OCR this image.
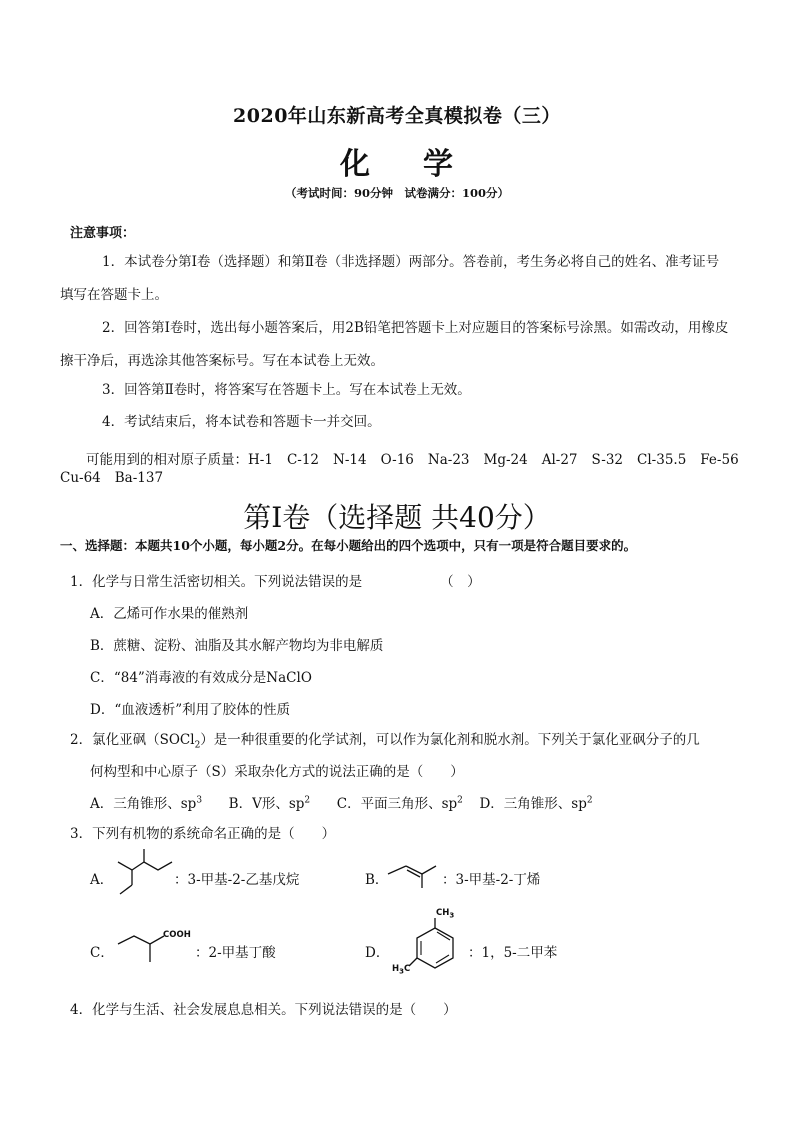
2020年山东新高考全真模拟卷（三）
化 学
（考试时间：90分钟　试卷满分：100分）
注意事项：
1．本试卷分第Ⅰ卷（选择题）和第Ⅱ卷（非选择题）两部分。答卷前，考生务必将自己的姓名、准考证号填写在答题卡上。
2．回答第Ⅰ卷时，选出每小题答案后，用2B铅笔把答题卡上对应题目的答案标号涂黑。如需改动，用橡皮擦干净后，再选涂其他答案标号。写在本试卷上无效。
3．回答第Ⅱ卷时，将答案写在答题卡上。写在本试卷上无效。
4．考试结束后，将本试卷和答题卡一并交回。
可能用到的相对原子质量：H-1 C-12 N-14 O-16 Na-23 Mg-24 Al-27 S-32 Cl-35.5 Fe-56
Cu-64 Ba-137
第Ⅰ卷（选择题 共40分）
一、选择题：本题共10个小题，每小题2分。在每小题给出的四个选项中，只有一项是符合题目要求的。
1．化学与日常生活密切相关。下列说法错误的是	（　）
A．乙烯可作水果的催熟剂
B．蔗糖、淀粉、油脂及其水解产物均为非电解质
C．“84”消毒液的有效成分是NaClO
D．“血液透析”利用了胶体的性质
2．氯化亚砜（SOCl$_2$）是一种很重要的化学试剂，可以作为氯化剂和脱水剂。下列关于氯化亚砜分子的几
何构型和中心原子（S）采取杂化方式的说法正确的是（　　）
A．三角锥形、$sp^3$ B．V形、$sp^2$ C．平面三角形、$sp^2$ D．三角锥形、$sp^2$
3．下列有机物的系统命名正确的是（　　）
A．	：3-甲基-2-乙基戊烷	B．	：3-甲基-2-丁烯
C．
COOH
：2-甲基丁酸	D．
$CH_3$
$H_3C$
：1，5-二甲苯
4．化学与生活、社会发展息息相关。下列说法错误的是（　　）
